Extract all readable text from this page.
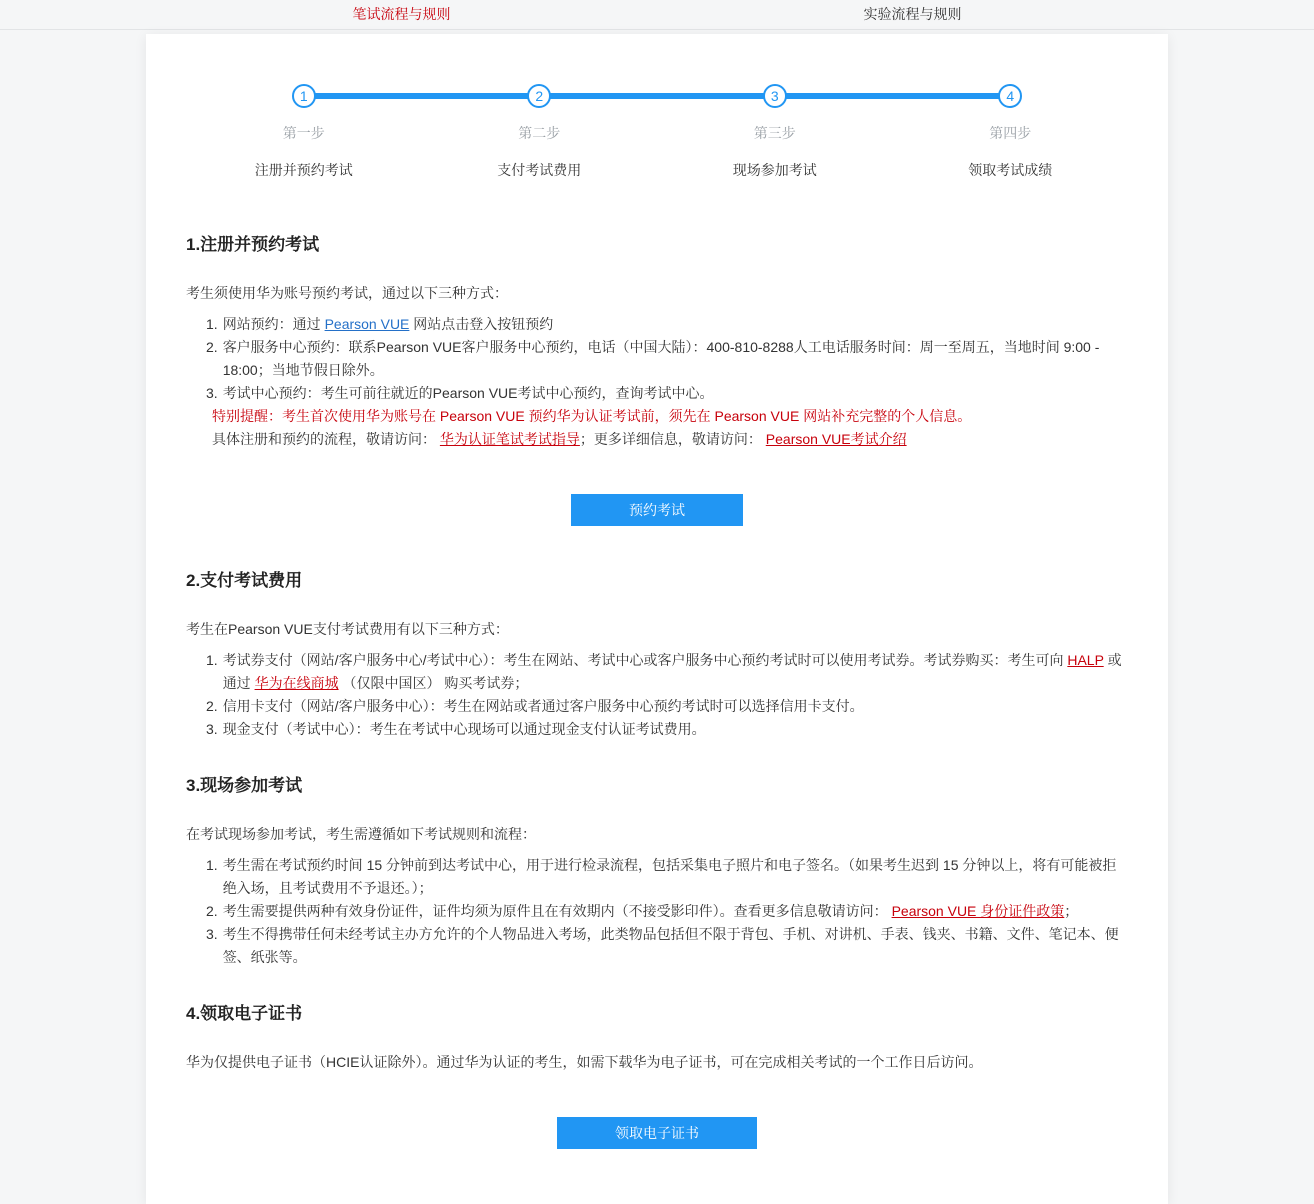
笔试流程与规则	实验流程与规则
1
第一步
注册并预约考试
2
第二步
支付考试费用
3
第三步
现场参加考试
4
第四步
领取考试成绩
1.注册并预约考试

考生须使用华为账号预约考试，通过以下三种方式：

1. 网站预约：通过 Pearson VUE 网站点击登入按钮预约
2. 客户服务中心预约：联系Pearson VUE客户服务中心预约，电话（中国大陆）：400-810-8288人工电话服务时间：周一至周五，当地时间 9:00 - 18:00；当地节假日除外。
3. 考试中心预约：考生可前往就近的Pearson VUE考试中心预约，查询考试中心。
特别提醒：考生首次使用华为账号在 Pearson VUE 预约华为认证考试前，须先在 Pearson VUE 网站补充完整的个人信息。
具体注册和预约的流程，敬请访问： 华为认证笔试考试指导；更多详细信息，敬请访问： Pearson VUE考试介绍
预约考试
2.支付考试费用

考生在Pearson VUE支付考试费用有以下三种方式：

1. 考试券支付（网站/客户服务中心/考试中心）：考生在网站、考试中心或客户服务中心预约考试时可以使用考试券。考试券购买：考生可向 HALP 或通过 华为在线商城 （仅限中国区） 购买考试券；
2. 信用卡支付（网站/客户服务中心）：考生在网站或者通过客户服务中心预约考试时可以选择信用卡支付。
3. 现金支付（考试中心）：考生在考试中心现场可以通过现金支付认证考试费用。
3.现场参加考试

在考试现场参加考试，考生需遵循如下考试规则和流程：

1. 考生需在考试预约时间 15 分钟前到达考试中心，用于进行检录流程，包括采集电子照片和电子签名。（如果考生迟到 15 分钟以上，将有可能被拒绝入场，且考试费用不予退还。）；
2. 考生需要提供两种有效身份证件，证件均须为原件且在有效期内（不接受影印件）。查看更多信息敬请访问： Pearson VUE 身份证件政策；
3. 考生不得携带任何未经考试主办方允许的个人物品进入考场，此类物品包括但不限于背包、手机、对讲机、手表、钱夹、书籍、文件、笔记本、便签、纸张等。
4.领取电子证书

华为仅提供电子证书（HCIE认证除外）。通过华为认证的考生，如需下载华为电子证书，可在完成相关考试的一个工作日后访问。

领取电子证书
